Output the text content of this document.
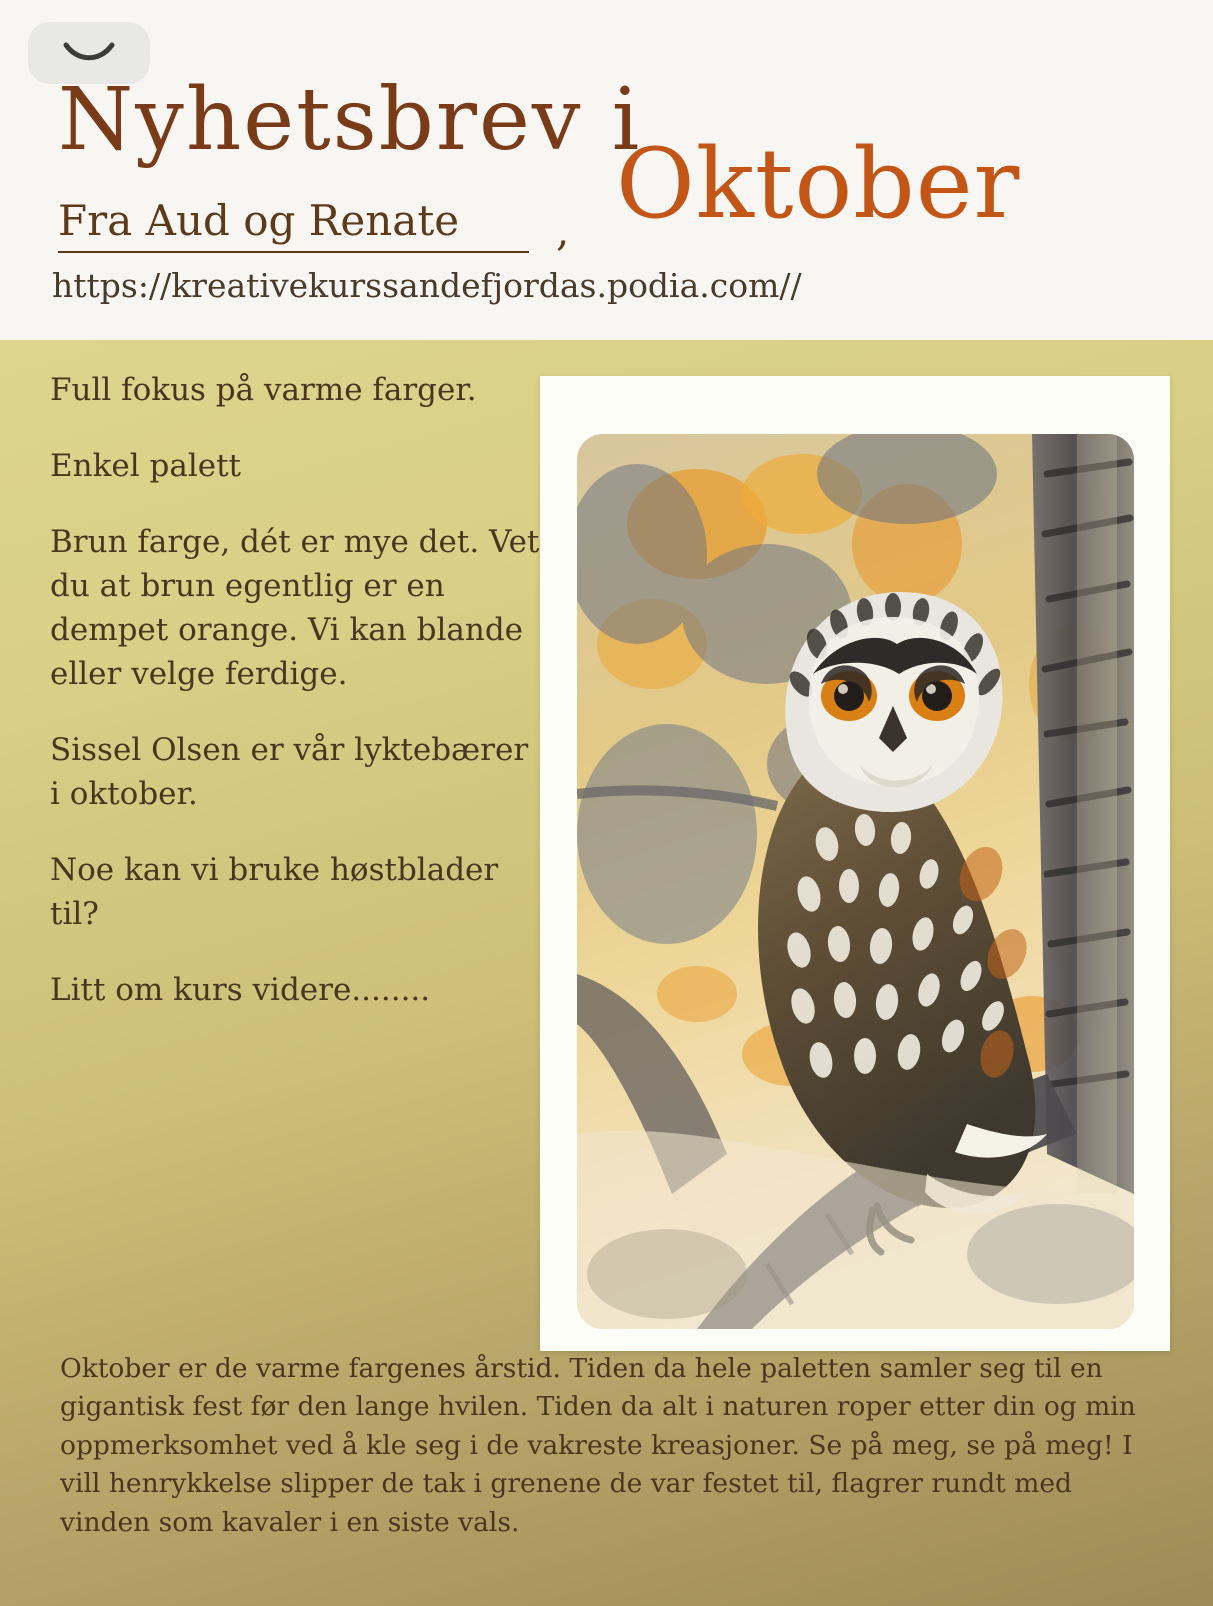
Nyhetsbrev i
Oktober
Fra Aud og Renate	,
https://kreativekurssandefjordas.podia.com//

Full fokus på varme farger.

Enkel palett

Brun farge, dét er mye det. Vet du at brun egentlig er en dempet orange. Vi kan blande eller velge ferdige.

Sissel Olsen er vår lyktebærer i oktober.

Noe kan vi bruke høstblader til?

Litt om kurs videre........

Oktober er de varme fargenes årstid. Tiden da hele paletten samler seg til en gigantisk fest før den lange hvilen. Tiden da alt i naturen roper etter din og min oppmerksomhet ved å kle seg i de vakreste kreasjoner. Se på meg, se på meg! I vill henrykkelse slipper de tak i grenene de var festet til, flagrer rundt med vinden som kavaler i en siste vals.
